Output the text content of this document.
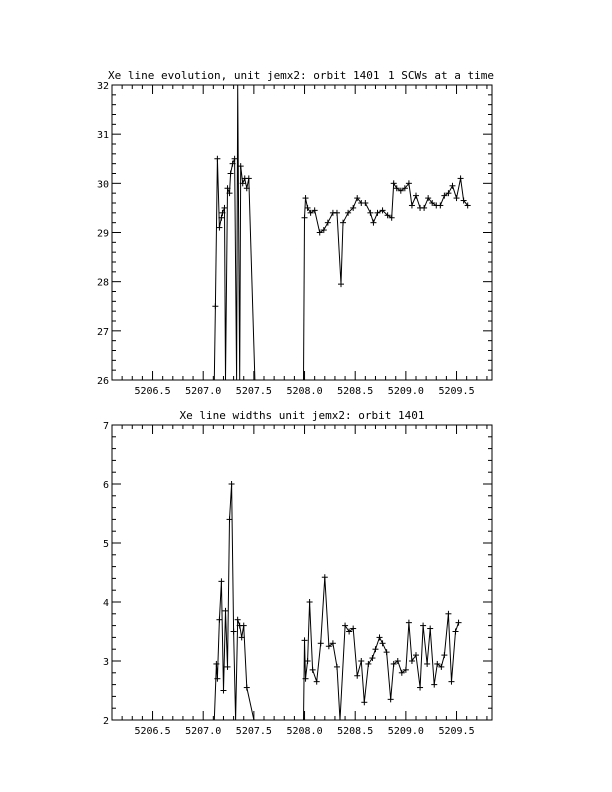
5206.5 5207.0 5207.5 5208.0 5208.5 5209.0 5209.5
26
27
28
29
30
31
32
Xe line evolution, unit jemx2: orbit 1401 1 SCWs at a time
5206.5 5207.0 5207.5 5208.0 5208.5 5209.0 5209.5
2
3
4
5
6
7
Xe line widths unit jemx2: orbit 1401
